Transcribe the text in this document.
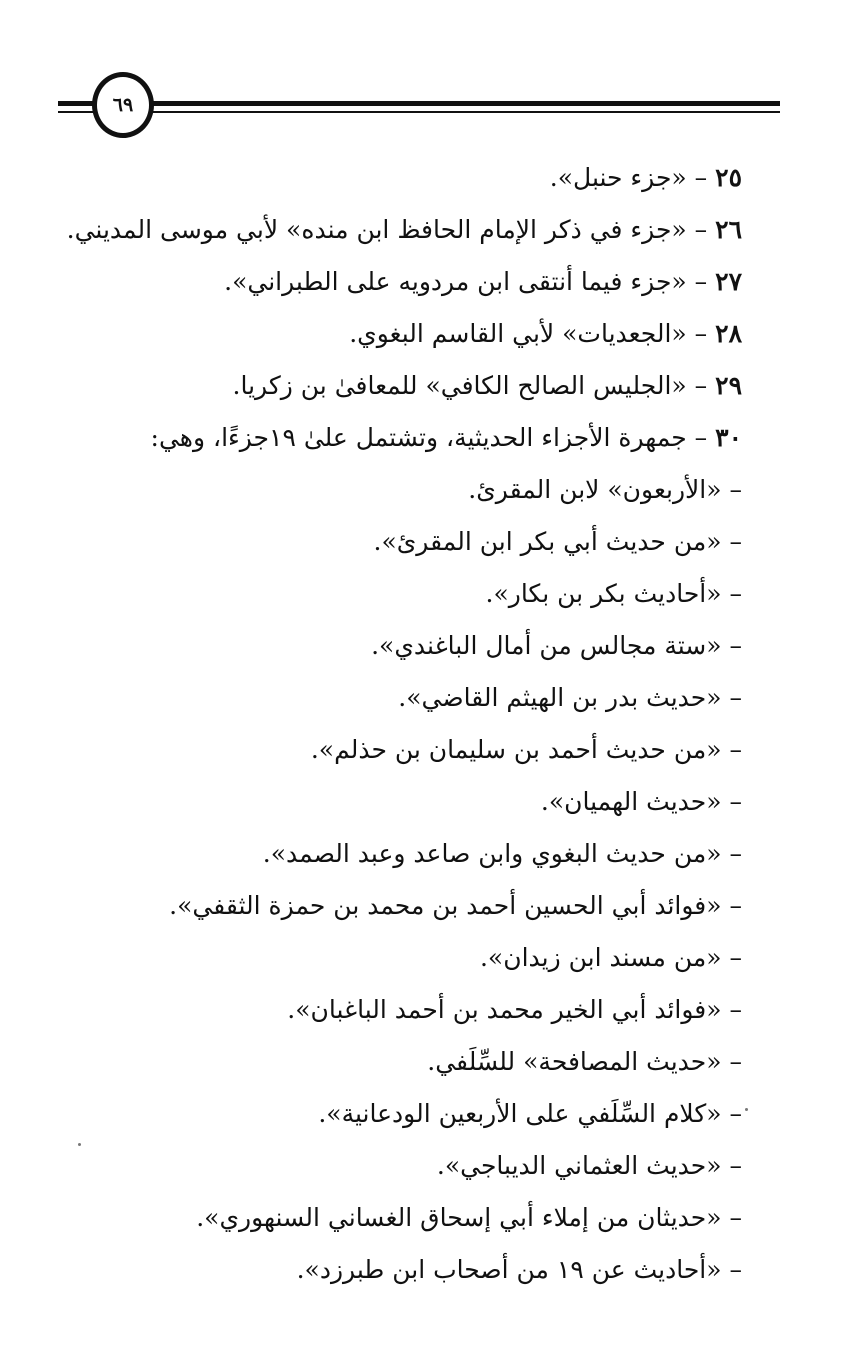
٦٩
٢٥ – «جزء حنبل».
٢٦ – «جزء في ذكر الإمام الحافظ ابن منده» لأبي موسى المديني.
٢٧ – «جزء فيما أنتقى ابن مردويه على الطبراني».
٢٨ – «الجعديات» لأبي القاسم البغوي.
٢٩ – «الجليس الصالح الكافي» للمعافىٰ بن زكريا.
٣٠ – جمهرة الأجزاء الحديثية، وتشتمل علىٰ ١٩جزءًا، وهي:
– «الأربعون» لابن المقرئ.
– «من حديث أبي بكر ابن المقرئ».
– «أحاديث بكر بن بكار».
– «ستة مجالس من أمال الباغندي».
– «حديث بدر بن الهيثم القاضي».
– «من حديث أحمد بن سليمان بن حذلم».
– «حديث الهميان».
– «من حديث البغوي وابن صاعد وعبد الصمد».
– «فوائد أبي الحسين أحمد بن محمد بن حمزة الثقفي».
– «من مسند ابن زيدان».
– «فوائد أبي الخير محمد بن أحمد الباغبان».
– «حديث المصافحة» للسِّلَفي.
– «كلام السِّلَفي على الأربعين الودعانية».
– «حديث العثماني الديباجي».
– «حديثان من إملاء أبي إسحاق الغساني السنهوري».
– «أحاديث عن ١٩ من أصحاب ابن طبرزد».
